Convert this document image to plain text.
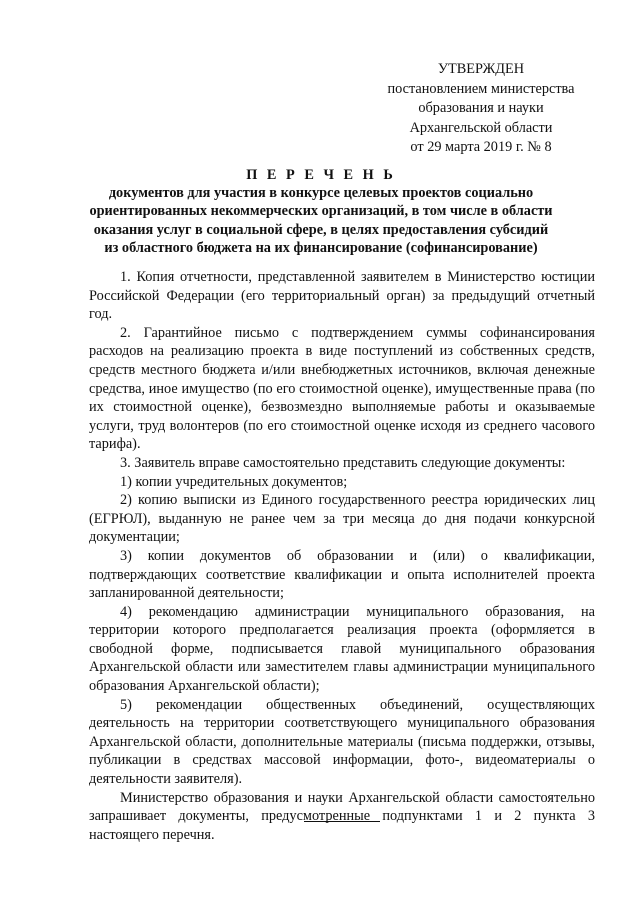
УТВЕРЖДЕН
постановлением министерства
образования и науки
Архангельской области
от 29 марта 2019 г. № 8
П Е Р Е Ч Е Н Ь
документов для участия в конкурсе целевых проектов социально ориентированных некоммерческих организаций, в том числе в области оказания услуг в социальной сфере, в целях предоставления субсидий из областного бюджета на их финансирование (софинансирование)

1. Копия отчетности, представленной заявителем в Министерство юстиции Российской Федерации (его территориальный орган) за предыдущий отчетный год.

2. Гарантийное письмо с подтверждением суммы софинансирования расходов на реализацию проекта в виде поступлений из собственных средств, средств местного бюджета и/или внебюджетных источников, включая денежные средства, иное имущество (по его стоимостной оценке), имущественные права (по их стоимостной оценке), безвозмездно выполняемые работы и оказываемые услуги, труд волонтеров (по его стоимостной оценке исходя из среднего часового тарифа).

3. Заявитель вправе самостоятельно представить следующие документы:

1) копии учредительных документов;

2) копию выписки из Единого государственного реестра юридических лиц (ЕГРЮЛ), выданную не ранее чем за три месяца до дня подачи конкурсной документации;

3) копии документов об образовании и (или) о квалификации, подтверждающих соответствие квалификации и опыта исполнителей проекта запланированной деятельности;

4) рекомендацию администрации муниципального образования, на территории которого предполагается реализация проекта (оформляется в свободной форме, подписывается главой муниципального образования Архангельской области или заместителем главы администрации муниципального образования Архангельской области);

5) рекомендации общественных объединений, осуществляющих деятельность на территории соответствующего муниципального образования Архангельской области, дополнительные материалы (письма поддержки, отзывы, публикации в средствах массовой информации, фото-, видеоматериалы о деятельности заявителя).

Министерство образования и науки Архангельской области самостоятельно запрашивает документы, предусмотренные подпунктами 1 и 2 пункта 3 настоящего перечня.
